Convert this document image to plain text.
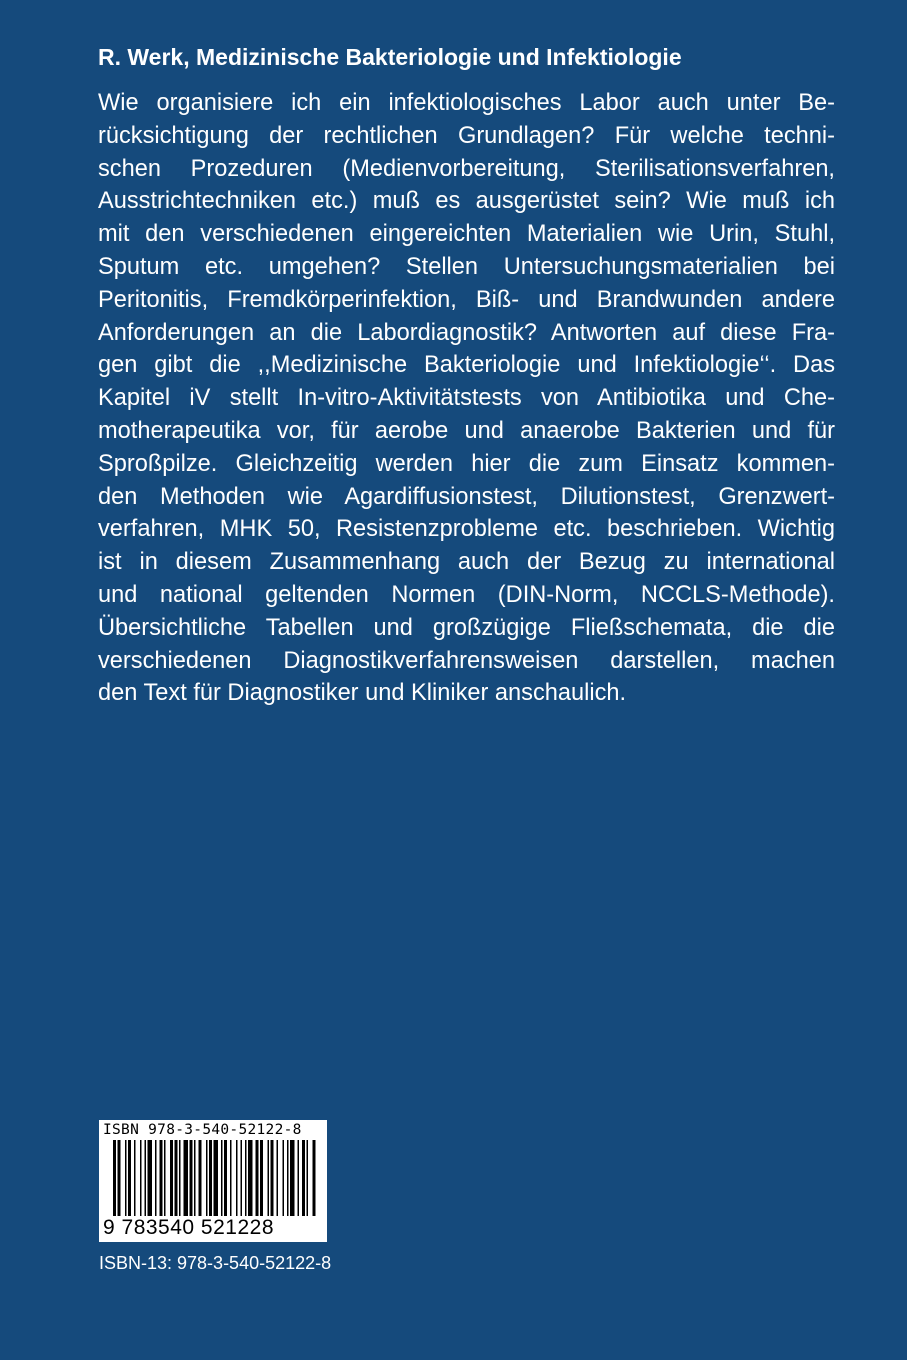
R. Werk, Medizinische Bakteriologie und Infektiologie
Wie organisiere ich ein infektiologisches Labor auch unter Be-
rücksichtigung der rechtlichen Grundlagen? Für welche techni-
schen Prozeduren (Medienvorbereitung, Sterilisationsverfahren,
Ausstrichtechniken etc.) muß es ausgerüstet sein? Wie muß ich
mit den verschiedenen eingereichten Materialien wie Urin, Stuhl,
Sputum etc. umgehen? Stellen Untersuchungsmaterialien bei
Peritonitis, Fremdkörperinfektion, Biß- und Brandwunden andere
Anforderungen an die Labordiagnostik? Antworten auf diese Fra-
gen gibt die ,,Medizinische Bakteriologie und Infektiologie‘‘. Das
Kapitel iV stellt In-vitro-Aktivitätstests von Antibiotika und Che-
motherapeutika vor, für aerobe und anaerobe Bakterien und für
Sproßpilze. Gleichzeitig werden hier die zum Einsatz kommen-
den Methoden wie Agardiffusionstest, Dilutionstest, Grenzwert-
verfahren, MHK 50, Resistenzprobleme etc. beschrieben. Wichtig
ist in diesem Zusammenhang auch der Bezug zu international
und national geltenden Normen (DIN-Norm, NCCLS-Methode).
Übersichtliche Tabellen und großzügige Fließschemata, die die
verschiedenen Diagnostikverfahrensweisen darstellen, machen
den Text für Diagnostiker und Kliniker anschaulich.
ISBN 978-3-540-52122-8
9 783540 521228
ISBN-13: 978-3-540-52122-8
